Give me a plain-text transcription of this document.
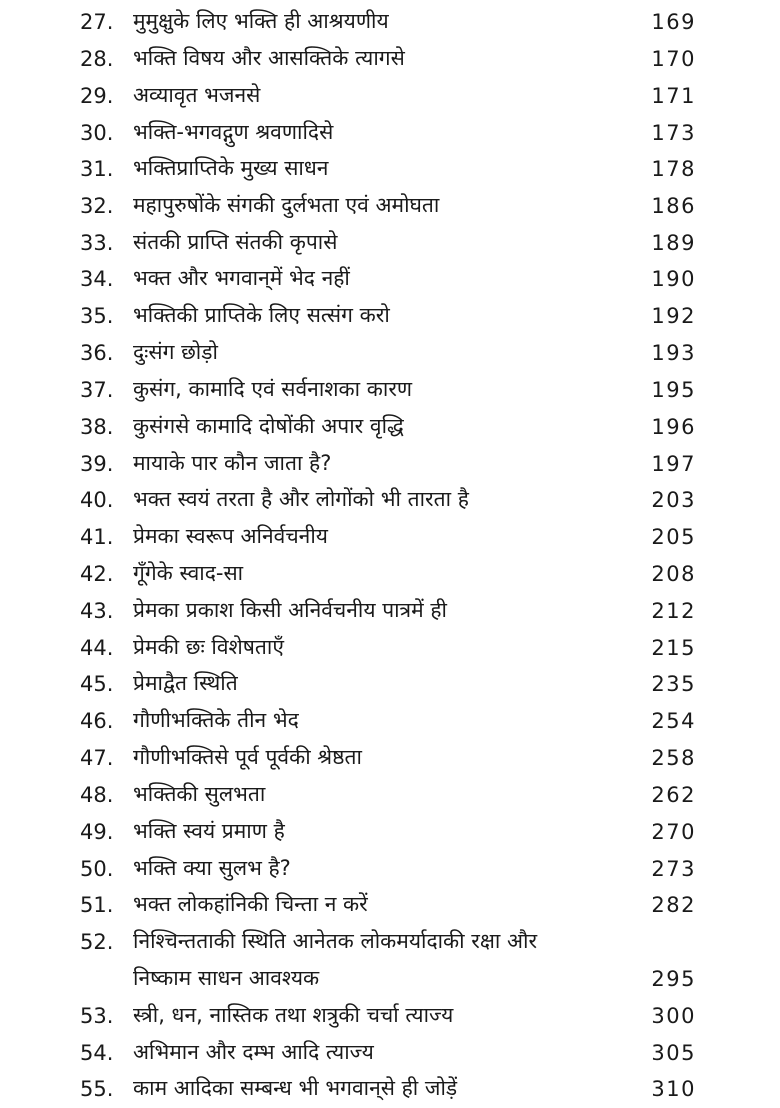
27. मुमुक्षुके लिए भक्ति ही आश्रयणीय	169
28. भक्ति विषय और आसक्तिके त्यागसे	170
29. अव्यावृत भजनसे	171
30. भक्ति-भगवद्गुण श्रवणादिसे	173
31. भक्तिप्राप्तिके मुख्य साधन	178
32. महापुरुषोंके संगकी दुर्लभता एवं अमोघता	186
33. संतकी प्राप्ति संतकी कृपासे	189
34. भक्त और भगवान्‌में भेद नहीं	190
35. भक्तिकी प्राप्तिके लिए सत्संग करो	192
36. दुःसंग छोड़ो	193
37. कुसंग, कामादि एवं सर्वनाशका कारण	195
38. कुसंगसे कामादि दोषोंकी अपार वृद्धि	196
39. मायाके पार कौन जाता है?	197
40. भक्त स्वयं तरता है और लोगोंको भी तारता है	203
41. प्रेमका स्वरूप अनिर्वचनीय	205
42. गूँगेके स्वाद-सा	208
43. प्रेमका प्रकाश किसी अनिर्वचनीय पात्रमें ही	212
44. प्रेमकी छः विशेषताएँ	215
45. प्रेमाद्वैत स्थिति	235
46. गौणीभक्तिके तीन भेद	254
47. गौणीभक्तिसे पूर्व पूर्वकी श्रेष्ठता	258
48. भक्तिकी सुलभता	262
49. भक्ति स्वयं प्रमाण है	270
50. भक्ति क्या सुलभ है?	273
51. भक्त लोकहांनिकी चिन्ता न करें	282
52. निश्चिन्तताकी स्थिति आनेतक लोकमर्यादाकी रक्षा और
निष्काम साधन आवश्यक	295
53. स्त्री, धन, नास्तिक तथा शत्रुकी चर्चा त्याज्य	300
54. अभिमान और दम्भ आदि त्याज्य	305
55. काम आदिका सम्बन्ध भी भगवान्‌से ही जोड़ें	310
